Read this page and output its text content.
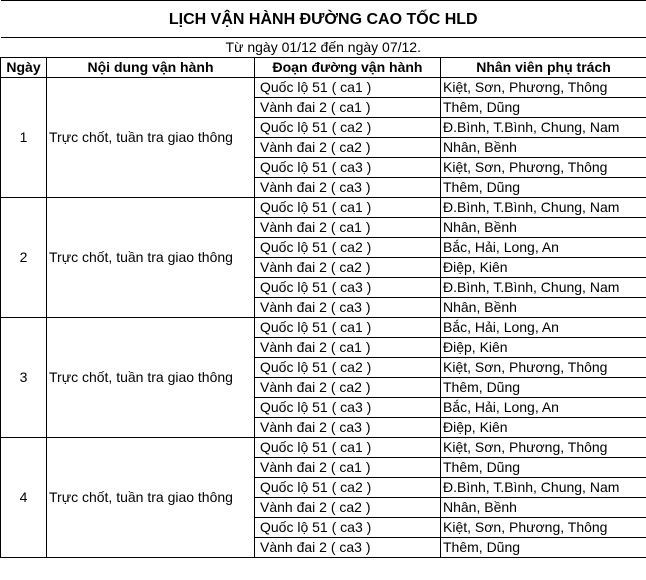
LỊCH VẬN HÀNH ĐƯỜNG CAO TỐC HLD			
Từ ngày 01/12 đến ngày 07/12.			
Ngày	Nội dung vận hành	Đoạn đường vận hành	Nhân viên phụ trách
1	Trực chốt, tuần tra giao thông	Quốc lộ 51 ( ca1 )	Kiệt, Sơn, Phương, Thông
		Vành đai 2 ( ca1 )	Thêm, Dũng
		Quốc lộ 51 ( ca2 )	Đ.Bình, T.Bình, Chung, Nam
		Vành đai 2 ( ca2 )	Nhân, Bềnh
		Quốc lộ 51 ( ca3 )	Kiệt, Sơn, Phương, Thông
		Vành đai 2 ( ca3 )	Thêm, Dũng
2	Trực chốt, tuần tra giao thông	Quốc lộ 51 ( ca1 )	Đ.Bình, T.Bình, Chung, Nam
		Vành đai 2 ( ca1 )	Nhân, Bềnh
		Quốc lộ 51 ( ca2 )	Bắc, Hải, Long, An
		Vành đai 2 ( ca2 )	Điệp, Kiên
		Quốc lộ 51 ( ca3 )	Đ.Bình, T.Bình, Chung, Nam
		Vành đai 2 ( ca3 )	Nhân, Bềnh
3	Trực chốt, tuần tra giao thông	Quốc lộ 51 ( ca1 )	Bắc, Hải, Long, An
		Vành đai 2 ( ca1 )	Điệp, Kiên
		Quốc lộ 51 ( ca2 )	Kiệt, Sơn, Phương, Thông
		Vành đai 2 ( ca2 )	Thêm, Dũng
		Quốc lộ 51 ( ca3 )	Bắc, Hải, Long, An
		Vành đai 2 ( ca3 )	Điệp, Kiên
4	Trực chốt, tuần tra giao thông	Quốc lộ 51 ( ca1 )	Kiệt, Sơn, Phương, Thông
		Vành đai 2 ( ca1 )	Thêm, Dũng
		Quốc lộ 51 ( ca2 )	Đ.Bình, T.Bình, Chung, Nam
		Vành đai 2 ( ca2 )	Nhân, Bềnh
		Quốc lộ 51 ( ca3 )	Kiệt, Sơn, Phương, Thông
		Vành đai 2 ( ca3 )	Thêm, Dũng
